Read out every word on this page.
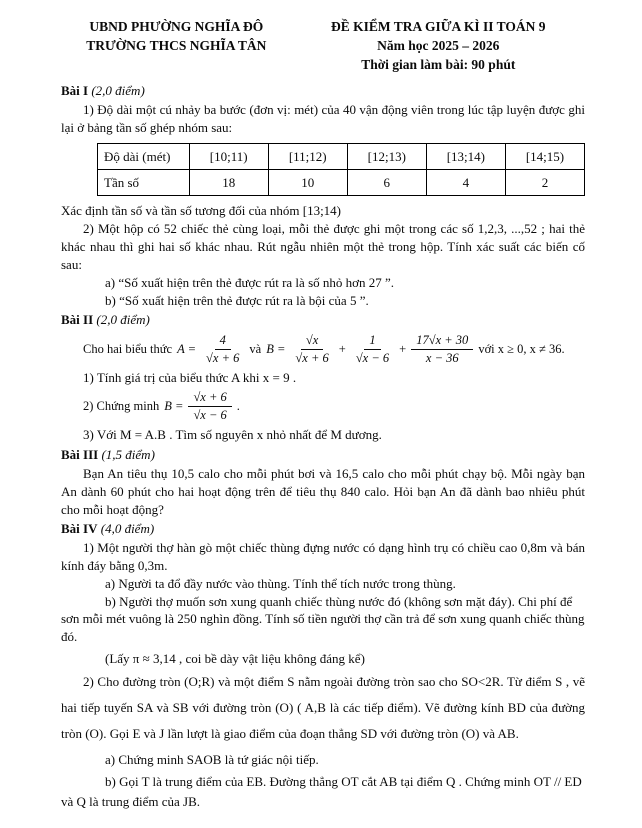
UBND PHƯỜNG NGHĨA ĐÔ
TRƯỜNG THCS NGHĨA TÂN
ĐỀ KIỂM TRA GIỮA KÌ II TOÁN 9
Năm học 2025 – 2026
Thời gian làm bài: 90 phút
Bài I (2,0 điểm)

1) Độ dài một cú nhảy ba bước (đơn vị: mét) của 40 vận động viên trong lúc tập luyện được ghi lại ở bảng tần số ghép nhóm sau:

Độ dài (mét)	[10;11)	[11;12)	[12;13)	[13;14)	[14;15)
Tần số	18	10	6	4	2

Xác định tần số và tần số tương đối của nhóm [13;14)

2) Một hộp có 52 chiếc thẻ cùng loại, mỗi thẻ được ghi một trong các số 1,2,3, ...,52 ; hai thẻ khác nhau thì ghi hai số khác nhau. Rút ngẫu nhiên một thẻ trong hộp. Tính xác suất các biến cố sau:

a) “Số xuất hiện trên thẻ được rút ra là số nhỏ hơn 27 ”.

b) “Số xuất hiện trên thẻ được rút ra là bội của 5 ”.

Bài II (2,0 điểm)
Cho hai biểu thức $A = \frac{4}{√x + 6}$ và $B = \frac{√x}{√x + 6} + \frac{1}{√x - 6} + \frac{17√x + 30}{x - 36}$ với x ≥ 0, x ≠ 36.

1) Tính giá trị của biểu thức A khi x = 9 .

2) Chứng minh $B = \frac{√x + 6}{√x - 6}$ .

3) Với M = A.B . Tìm số nguyên x nhỏ nhất để M dương.

Bài III (1,5 điểm)

Bạn An tiêu thụ 10,5 calo cho mỗi phút bơi và 16,5 calo cho mỗi phút chạy bộ. Mỗi ngày bạn An dành 60 phút cho hai hoạt động trên để tiêu thụ 840 calo. Hỏi bạn An đã dành bao nhiêu phút cho mỗi hoạt động?

Bài IV (4,0 điểm)

1) Một người thợ hàn gò một chiếc thùng đựng nước có dạng hình trụ có chiều cao 0,8m và bán kính đáy bằng 0,3m.

a) Người ta đổ đầy nước vào thùng. Tính thể tích nước trong thùng.

b) Người thợ muốn sơn xung quanh chiếc thùng nước đó (không sơn mặt đáy). Chi phí để sơn mỗi mét vuông là 250 nghìn đồng. Tính số tiền người thợ cần trả để sơn xung quanh chiếc thùng đó.

(Lấy π ≈ 3,14 , coi bề dày vật liệu không đáng kể)

2) Cho đường tròn (O;R) và một điểm S nằm ngoài đường tròn sao cho SO<2R. Từ điểm S , vẽ hai tiếp tuyến SA và SB với đường tròn (O) ( A,B là các tiếp điểm). Vẽ đường kính BD của đường tròn (O). Gọi E và J lần lượt là giao điểm của đoạn thẳng SD với đường tròn (O) và AB.

a) Chứng minh SAOB là tứ giác nội tiếp.

b) Gọi T là trung điểm của EB. Đường thẳng OT cắt AB tại điểm Q . Chứng minh OT // ED và Q là trung điểm của JB.
